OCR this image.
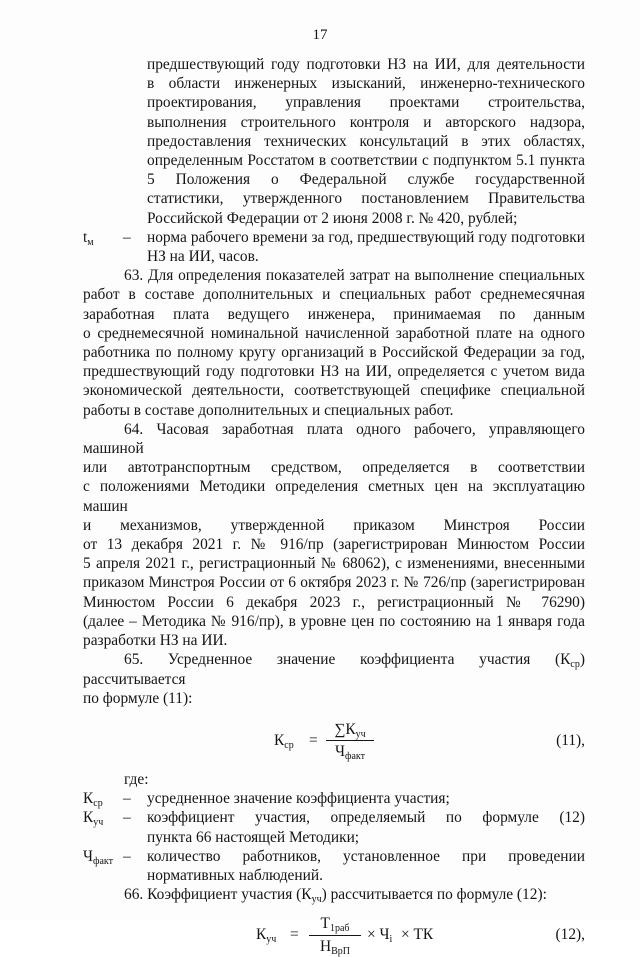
17
предшествующий году подготовки НЗ на ИИ, для деятельности
в области инженерных изысканий, инженерно-технического
проектирования, управления проектами строительства,
выполнения строительного контроля и авторского надзора,
предоставления технических консультаций в этих областях,
определенным Росстатом в соответствии с подпунктом 5.1 пункта
5 Положения о Федеральной службе государственной
статистики, утвержденного постановлением Правительства
Российской Федерации от 2 июня 2008 г. № 420, рублей;
$t_м$ – норма рабочего времени за год, предшествующий году подготовки
НЗ на ИИ, часов.
63. Для определения показателей затрат на выполнение специальных
работ в составе дополнительных и специальных работ среднемесячная
заработная плата ведущего инженера, принимаемая по данным
о среднемесячной номинальной начисленной заработной плате на одного
работника по полному кругу организаций в Российской Федерации за год,
предшествующий году подготовки НЗ на ИИ, определяется с учетом вида
экономической деятельности, соответствующей специфике специальной
работы в составе дополнительных и специальных работ.
64. Часовая заработная плата одного рабочего, управляющего машиной
или автотранспортным средством, определяется в соответствии
с положениями Методики определения сметных цен на эксплуатацию машин
и механизмов, утвержденной приказом Минстроя России
от 13 декабря 2021 г. № 916/пр (зарегистрирован Минюстом России
5 апреля 2021 г., регистрационный № 68062), с изменениями, внесенными
приказом Минстроя России от 6 октября 2023 г. № 726/пр (зарегистрирован
Минюстом России 6 декабря 2023 г., регистрационный № 76290)
(далее – Методика № 916/пр), в уровне цен по состоянию на 1 января года
разработки НЗ на ИИ.
65. Усредненное значение коэффициента участия $(К_{ср})$ рассчитывается
по формуле (11):
$К_{ср}$ =
$\sum К_{уч}$
$Ч_{факт}$
(11),
где:
$К_{ср}$ – усредненное значение коэффициента участия;
$К_{уч}$ – коэффициент участия, определяемый по формуле (12)
пункта 66 настоящей Методики;
$Ч_{факт}$ – количество работников, установленное при проведении
нормативных наблюдений.
66. Коэффициент участия $(К_{уч})$ рассчитывается по формуле (12):
$К_{уч}$ =
$Т_{1раб}$
$Н_{ВрП}$
× $Ч_i$ × ТК	(12),
